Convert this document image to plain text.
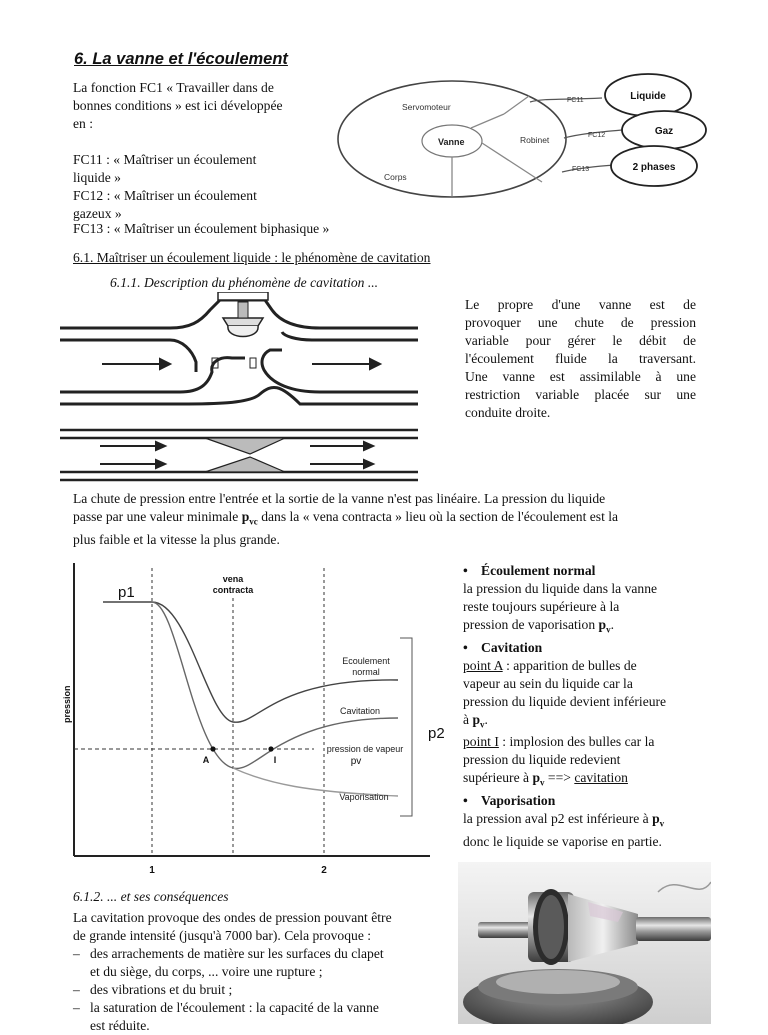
6. La vanne et l'écoulement
La fonction FC1 « Travailler dans de
bonnes conditions » est ici développée
en :
FC11 : « Maîtriser un écoulement
liquide »
FC12 : « Maîtriser un écoulement
gazeux »
FC13 : « Maîtriser un écoulement biphasique »
Servomoteur
Vanne	Robinet
Corps
FC11
FC12
FC13
Liquide
Gaz
2 phases
6.1. Maîtriser un écoulement liquide : le phénomène de cavitation
6.1.1. Description du phénomène de cavitation ...
Le propre d'une vanne est de
provoquer une chute de pression
variable pour gérer le débit de
l'écoulement fluide la traversant.
Une vanne est assimilable à une
restriction variable placée sur une
conduite droite.
La chute de pression entre l'entrée et la sortie de la vanne n'est pas linéaire. La pression du liquide
passe par une valeur minimale $p_{vc}$ dans la « vena contracta » lieu où la section de l'écoulement est la
plus faible et la vitesse la plus grande.
p1
p2
pression
vena
contracta
Ecoulement
normal
Cavitation
pression de vapeur
pv
Vaporisation
A	I
1	2
• Écoulement normal
la pression du liquide dans la vanne
reste toujours supérieure à la
pression de vaporisation $p_v$.
• Cavitation
point A : apparition de bulles de
vapeur au sein du liquide car la
pression du liquide devient inférieure
à $p_v$.
point I : implosion des bulles car la
pression du liquide redevient
supérieure à $p_v$ ==> cavitation
• Vaporisation
la pression aval p2 est inférieure à $p_v$
donc le liquide se vaporise en partie.
6.1.2. ... et ses conséquences
La cavitation provoque des ondes de pression pouvant être
de grande intensité (jusqu'à 7000 bar). Cela provoque :
– des arrachements de matière sur les surfaces du clapet
et du siège, du corps, ... voire une rupture ;
– des vibrations et du bruit ;
– la saturation de l'écoulement : la capacité de la vanne
est réduite.
